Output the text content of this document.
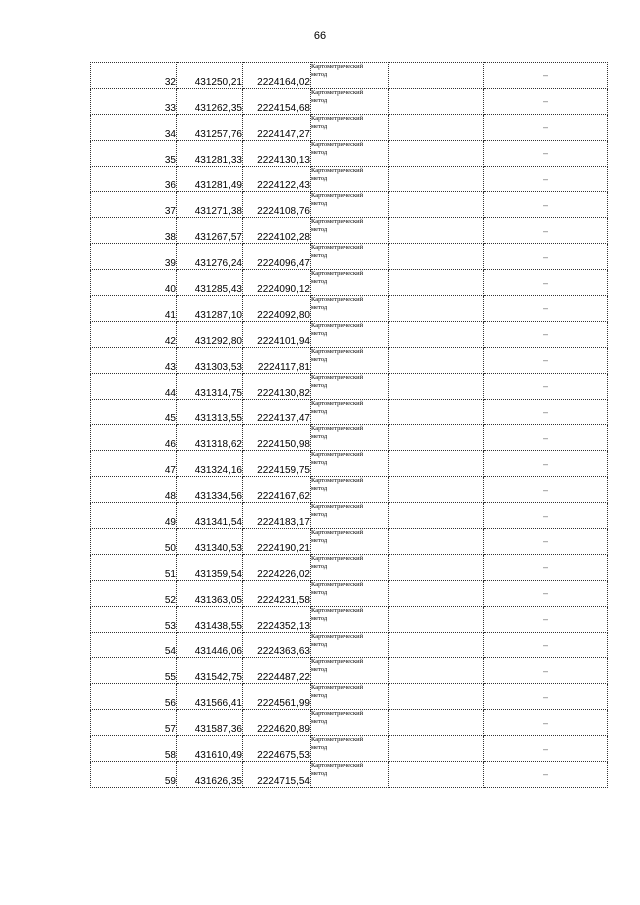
66
32	431250,21	2224164,02	Картометрический
метод		–
33	431262,35	2224154,68	Картометрический
метод		–
34	431257,76	2224147,27	Картометрический
метод		–
35	431281,33	2224130,13	Картометрический
метод		–
36	431281,49	2224122,43	Картометрический
метод		–
37	431271,38	2224108,76	Картометрический
метод		–
38	431267,57	2224102,28	Картометрический
метод		–
39	431276,24	2224096,47	Картометрический
метод		–
40	431285,43	2224090,12	Картометрический
метод		–
41	431287,10	2224092,80	Картометрический
метод		–
42	431292,80	2224101,94	Картометрический
метод		–
43	431303,53	2224117,81	Картометрический
метод		–
44	431314,75	2224130,82	Картометрический
метод		–
45	431313,55	2224137,47	Картометрический
метод		–
46	431318,62	2224150,98	Картометрический
метод		–
47	431324,16	2224159,75	Картометрический
метод		–
48	431334,56	2224167,62	Картометрический
метод		–
49	431341,54	2224183,17	Картометрический
метод		–
50	431340,53	2224190,21	Картометрический
метод		–
51	431359,54	2224226,02	Картометрический
метод		–
52	431363,05	2224231,58	Картометрический
метод		–
53	431438,55	2224352,13	Картометрический
метод		–
54	431446,06	2224363,63	Картометрический
метод		–
55	431542,75	2224487,22	Картометрический
метод		–
56	431566,41	2224561,99	Картометрический
метод		–
57	431587,36	2224620,89	Картометрический
метод		–
58	431610,49	2224675,53	Картометрический
метод		–
59	431626,35	2224715,54	Картометрический
метод		–
